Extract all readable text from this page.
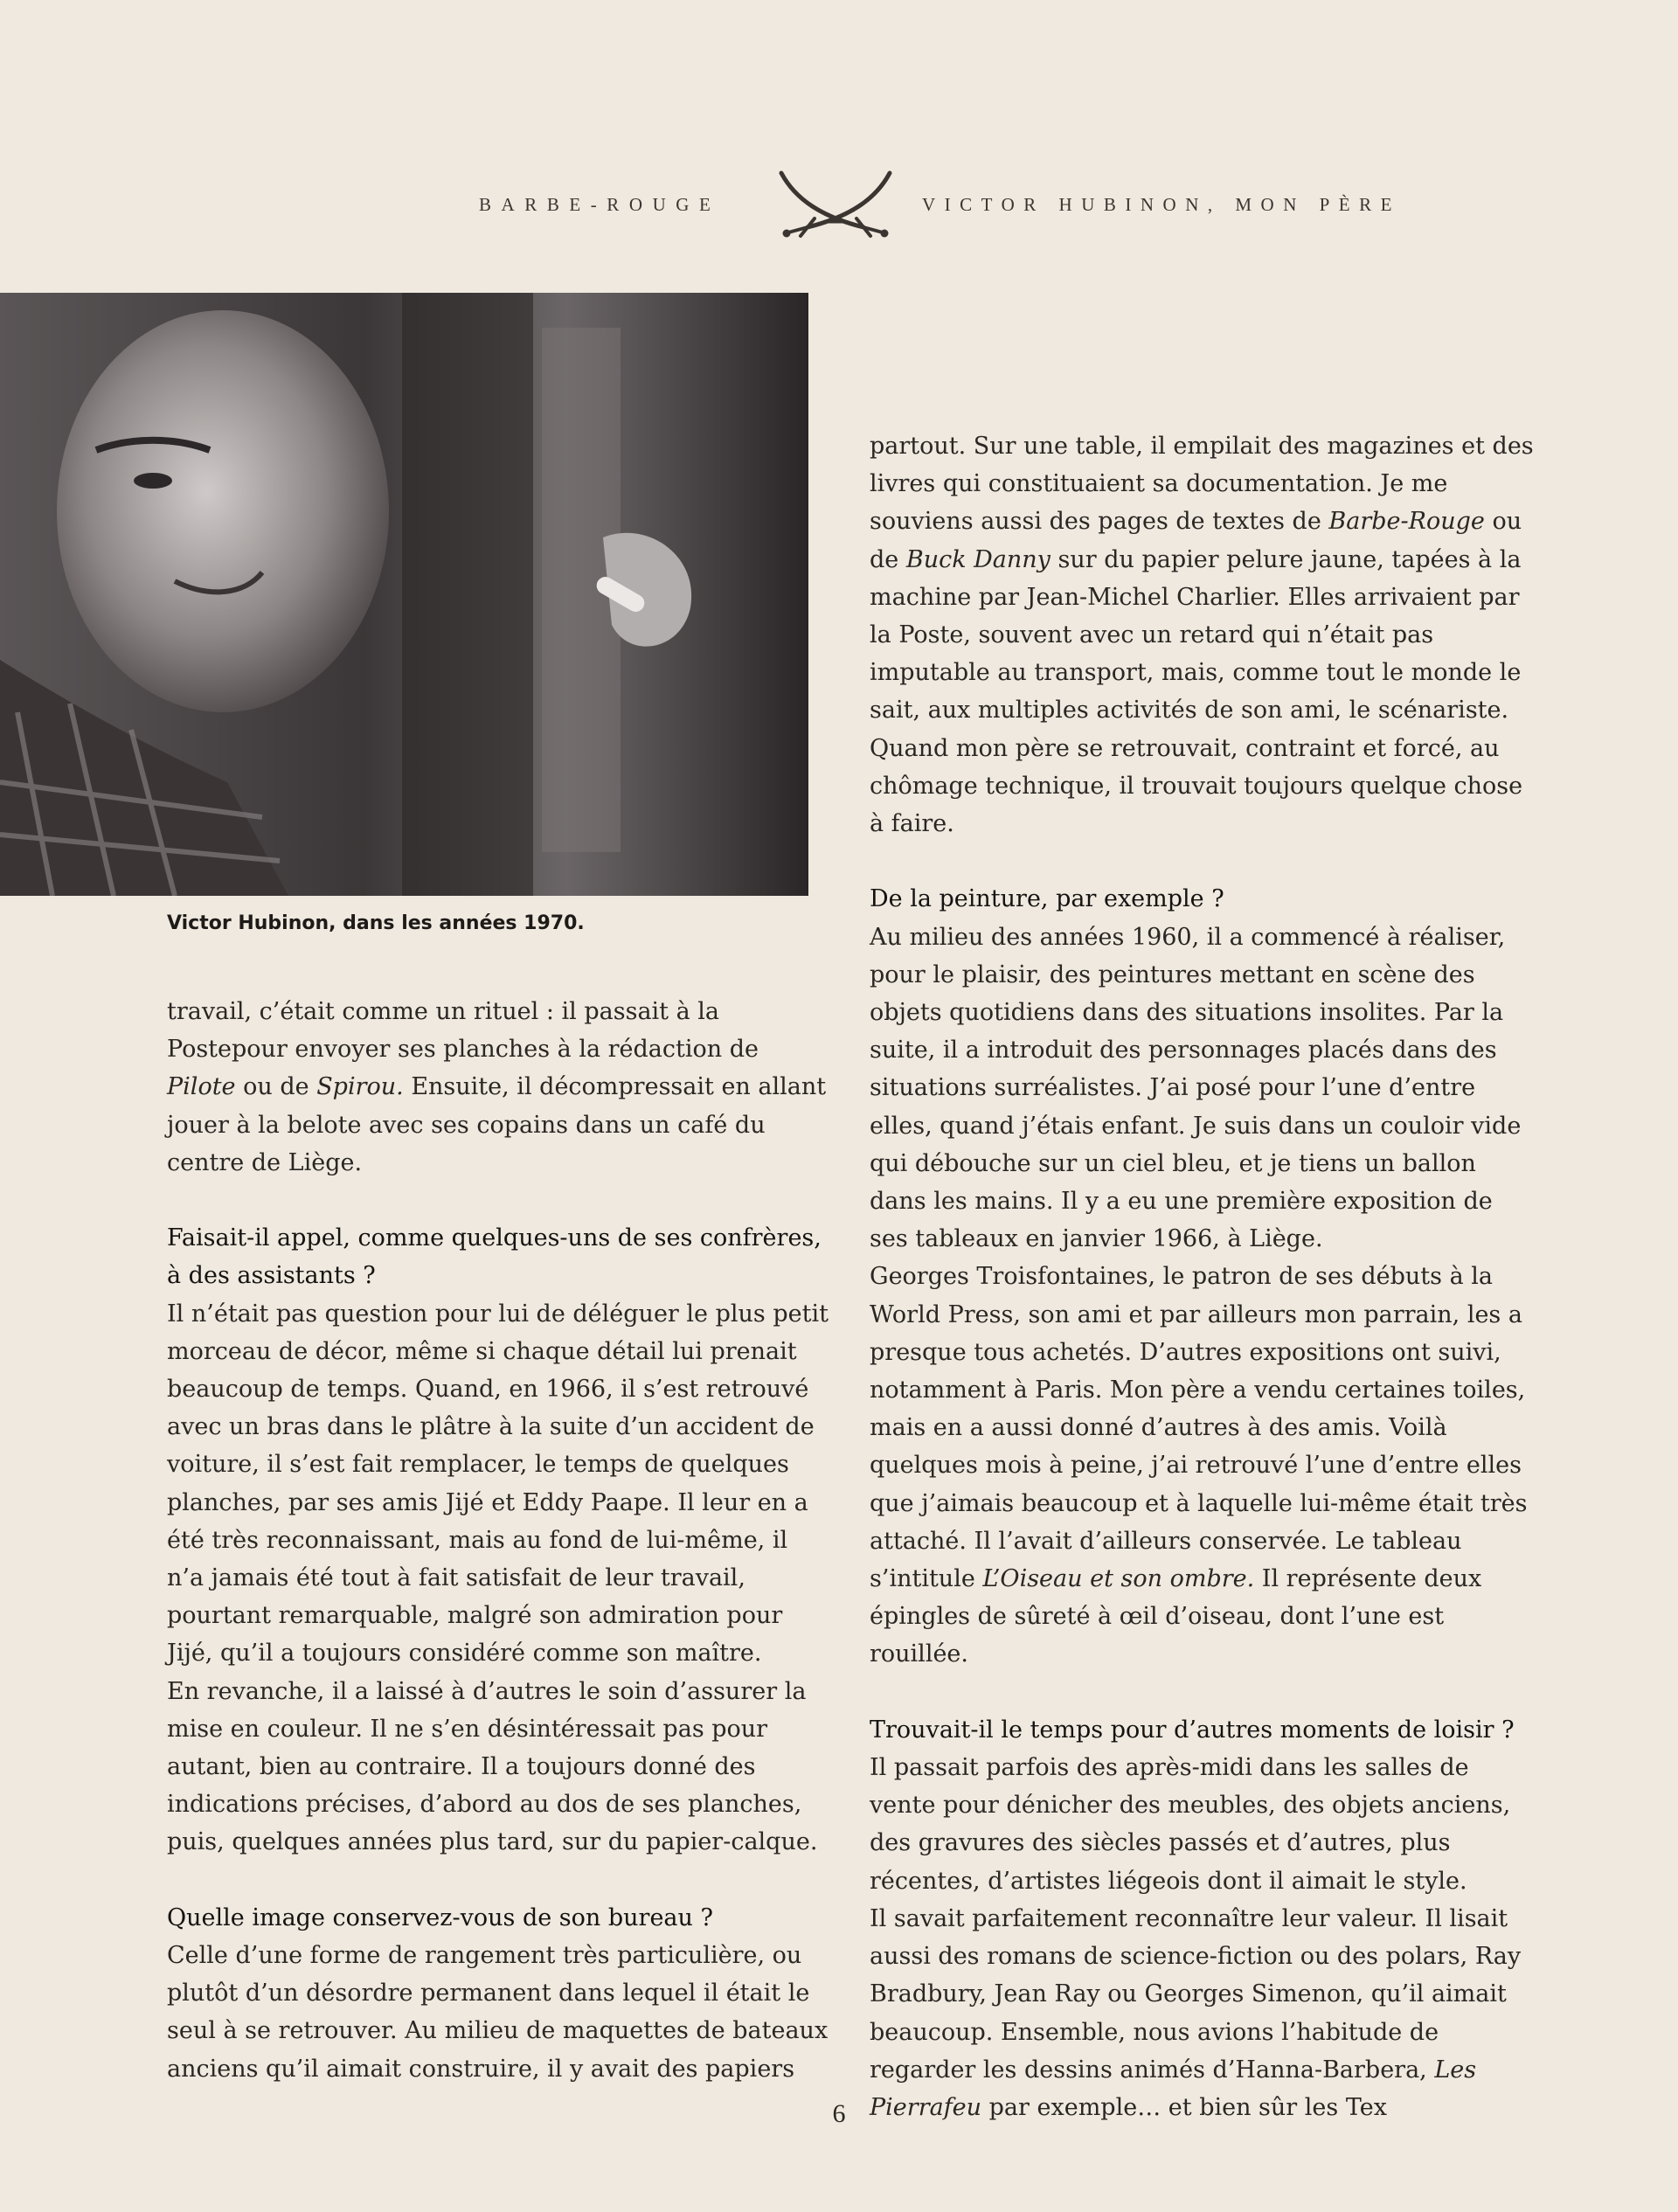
BARBE-ROUGE	VICTOR HUBINON, MON PÈRE
Victor Hubinon, dans les années 1970.

travail, c’était comme un rituel : il passait à la Postepour envoyer ses planches à la rédaction de Pilote ou de Spirou. Ensuite, il décompressait en allant jouer à la belote avec ses copains dans un café du centre de Liège.

Faisait-il appel, comme quelques-uns de ses confrères, à des assistants ?

Il n’était pas question pour lui de déléguer le plus petit morceau de décor, même si chaque détail lui prenait beaucoup de temps. Quand, en 1966, il s’est retrouvé avec un bras dans le plâtre à la suite d’un accident de voiture, il s’est fait remplacer, le temps de quelques planches, par ses amis Jijé et Eddy Paape. Il leur en a été très reconnaissant, mais au fond de lui-même, il n’a jamais été tout à fait satisfait de leur travail, pourtant remarquable, malgré son admiration pour Jijé, qu’il a toujours considéré comme son maître.

En revanche, il a laissé à d’autres le soin d’assurer la mise en couleur. Il ne s’en désintéressait pas pour autant, bien au contraire. Il a toujours donné des indications précises, d’abord au dos de ses planches, puis, quelques années plus tard, sur du papier-calque.

Quelle image conservez-vous de son bureau ?

Celle d’une forme de rangement très particulière, ou plutôt d’un désordre permanent dans lequel il était le seul à se retrouver. Au milieu de maquettes de bateaux anciens qu’il aimait construire, il y avait des papiers

partout. Sur une table, il empilait des magazines et des livres qui constituaient sa documentation. Je me souviens aussi des pages de textes de Barbe-Rouge ou de Buck Danny sur du papier pelure jaune, tapées à la machine par Jean-Michel Charlier. Elles arrivaient par la Poste, souvent avec un retard qui n’était pas imputable au transport, mais, comme tout le monde le sait, aux multiples activités de son ami, le scénariste. Quand mon père se retrouvait, contraint et forcé, au chômage technique, il trouvait toujours quelque chose à faire.

De la peinture, par exemple ?

Au milieu des années 1960, il a commencé à réaliser, pour le plaisir, des peintures mettant en scène des objets quotidiens dans des situations insolites. Par la suite, il a introduit des personnages placés dans des situations surréalistes. J’ai posé pour l’une d’entre elles, quand j’étais enfant. Je suis dans un couloir vide qui débouche sur un ciel bleu, et je tiens un ballon dans les mains. Il y a eu une première exposition de ses tableaux en janvier 1966, à Liège.

Georges Troisfontaines, le patron de ses débuts à la World Press, son ami et par ailleurs mon parrain, les a presque tous achetés. D’autres expositions ont suivi, notamment à Paris. Mon père a vendu certaines toiles, mais en a aussi donné d’autres à des amis. Voilà quelques mois à peine, j’ai retrouvé l’une d’entre elles que j’aimais beaucoup et à laquelle lui-même était très attaché. Il l’avait d’ailleurs conservée. Le tableau s’intitule L’Oiseau et son ombre. Il représente deux épingles de sûreté à œil d’oiseau, dont l’une est rouillée.

Trouvait-il le temps pour d’autres moments de loisir ?

Il passait parfois des après-midi dans les salles de vente pour dénicher des meubles, des objets anciens, des gravures des siècles passés et d’autres, plus récentes, d’artistes liégeois dont il aimait le style.

Il savait parfaitement reconnaître leur valeur. Il lisait aussi des romans de science-fiction ou des polars, Ray Bradbury, Jean Ray ou Georges Simenon, qu’il aimait beaucoup. Ensemble, nous avions l’habitude de regarder les dessins animés d’Hanna-Barbera, Les Pierrafeu par exemple… et bien sûr les Tex

6
